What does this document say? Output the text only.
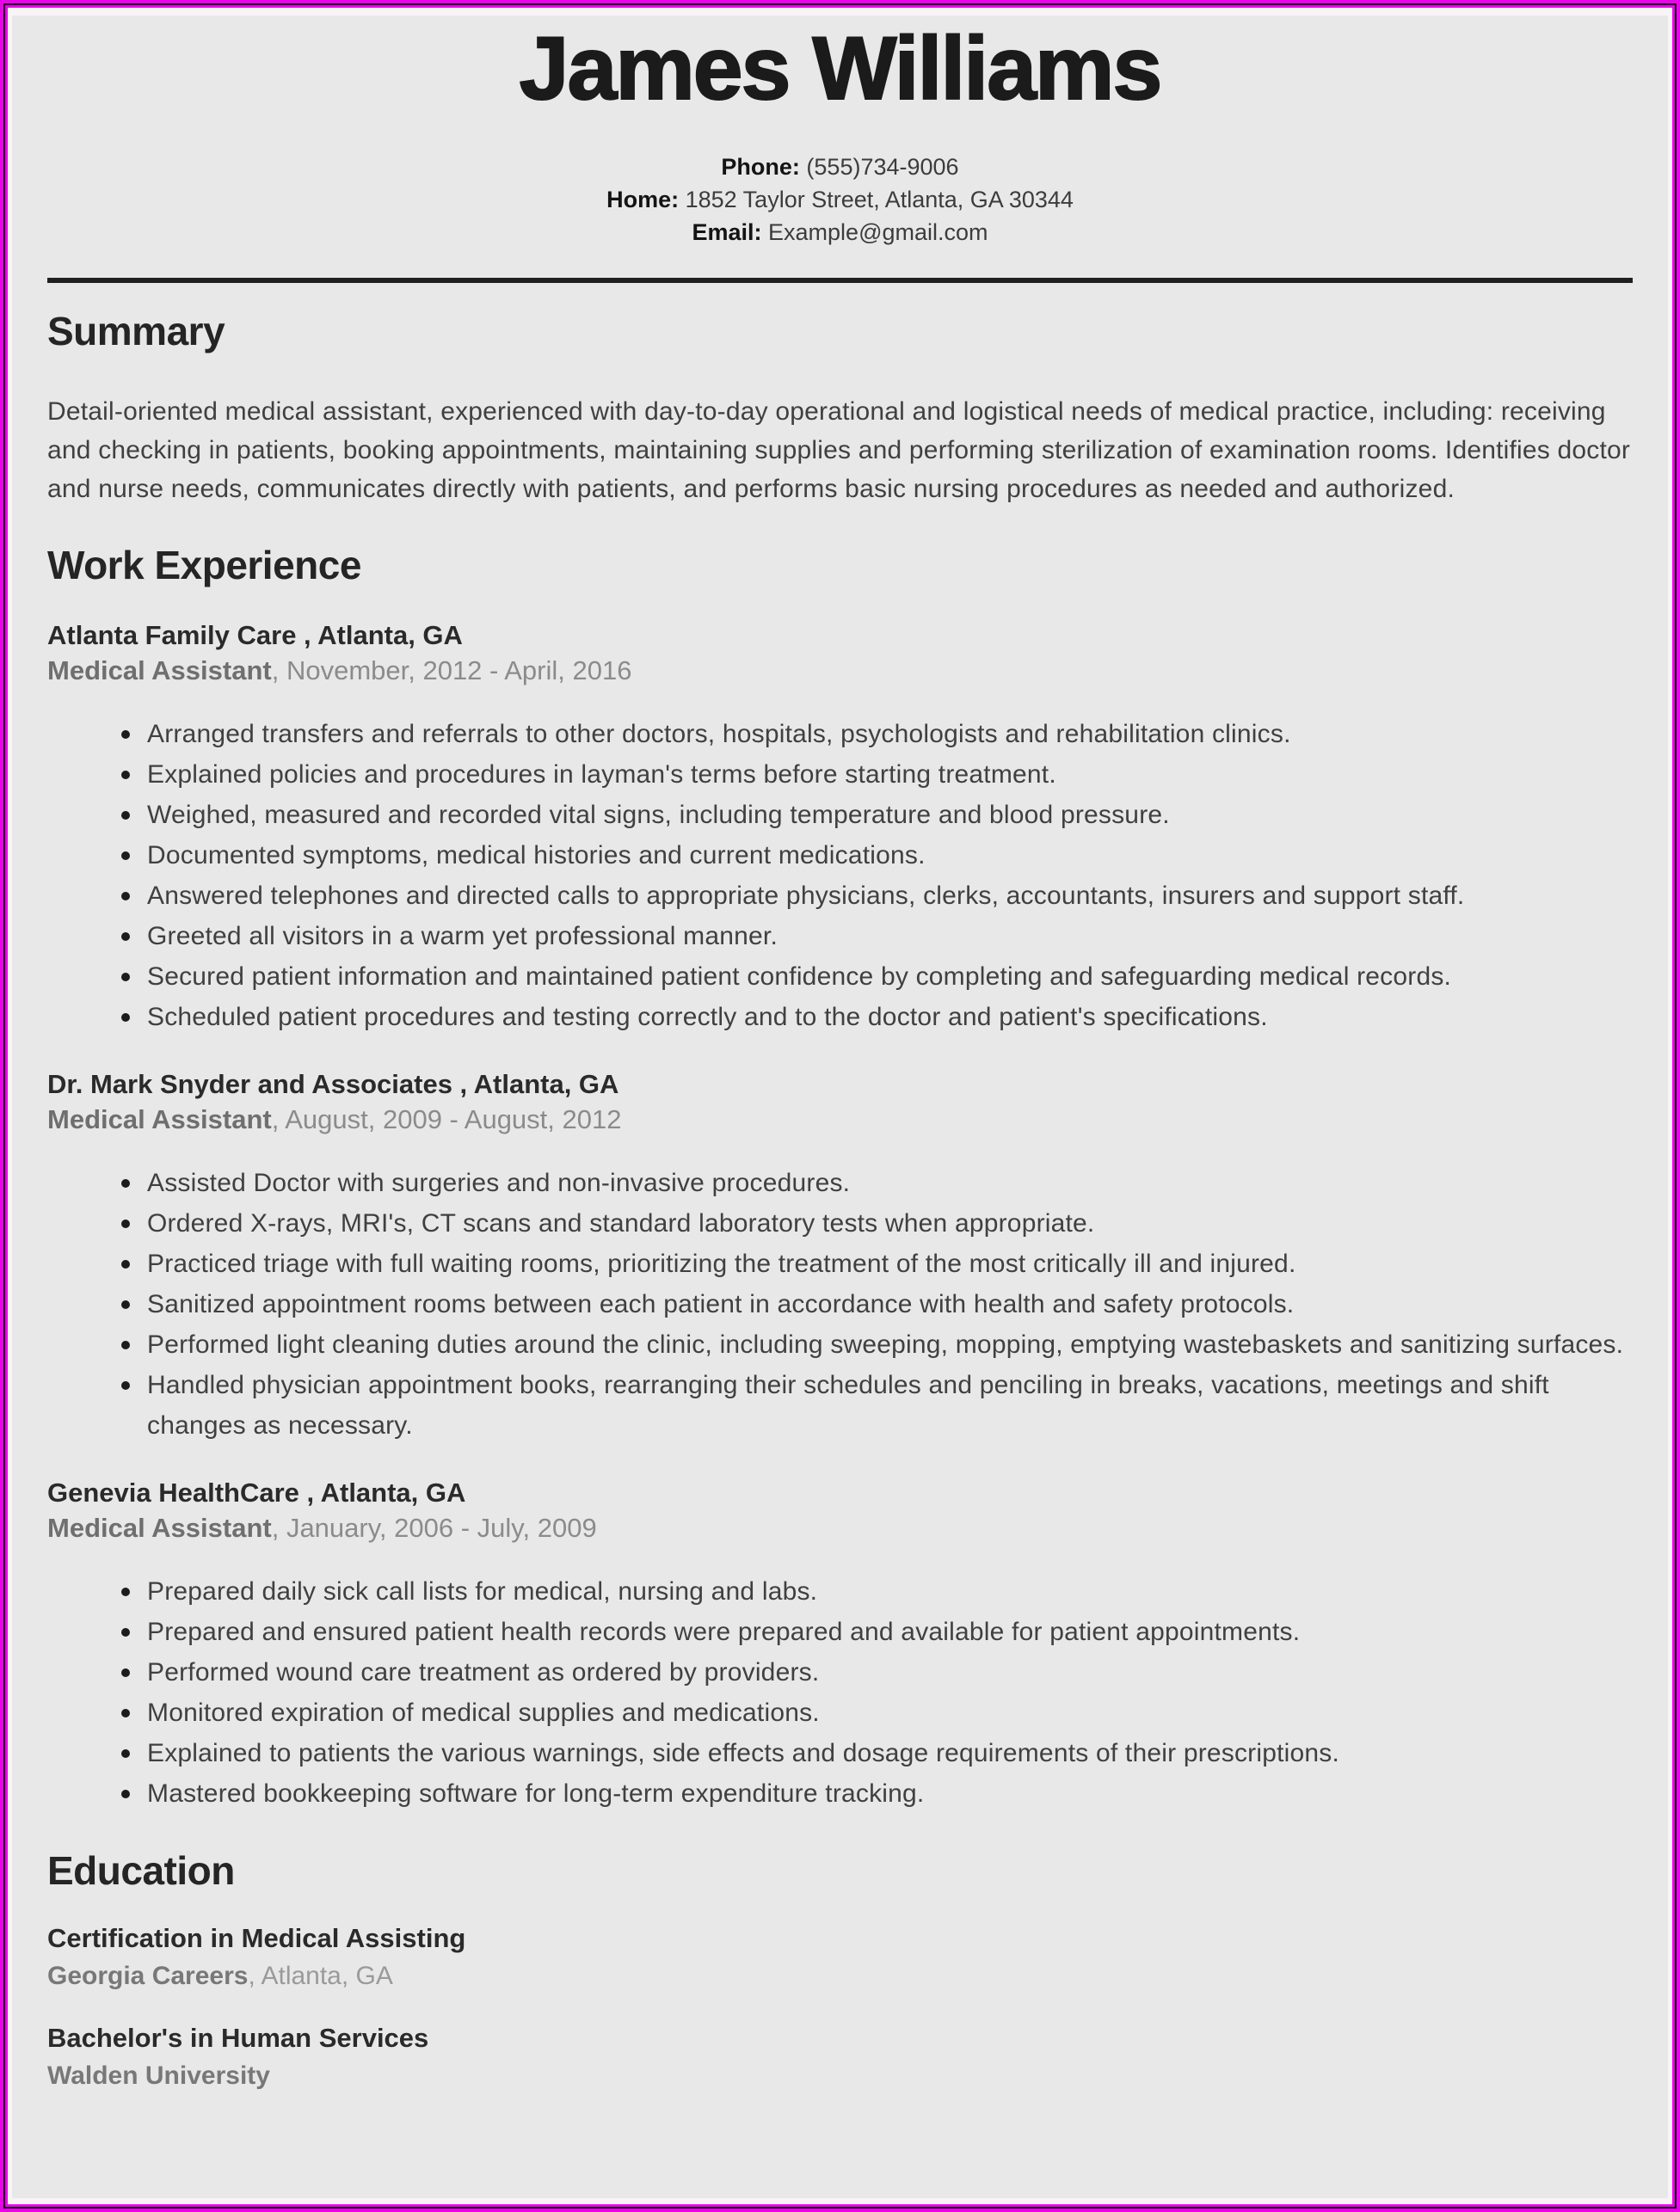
James Williams
Phone: (555)734-9006
Home: 1852 Taylor Street, Atlanta, GA 30344
Email: Example@gmail.com
Summary

Detail-oriented medical assistant, experienced with day-to-day operational and logistical needs of medical practice, including: receiving and checking in patients, booking appointments, maintaining supplies and performing sterilization of examination rooms. Identifies doctor and nurse needs, communicates directly with patients, and performs basic nursing procedures as needed and authorized.

Work Experience
Atlanta Family Care , Atlanta, GA
Medical Assistant, November, 2012 - April, 2016
Arranged transfers and referrals to other doctors, hospitals, psychologists and rehabilitation clinics.
Explained policies and procedures in layman's terms before starting treatment.
Weighed, measured and recorded vital signs, including temperature and blood pressure.
Documented symptoms, medical histories and current medications.
Answered telephones and directed calls to appropriate physicians, clerks, accountants, insurers and support staff.
Greeted all visitors in a warm yet professional manner.
Secured patient information and maintained patient confidence by completing and safeguarding medical records.
Scheduled patient procedures and testing correctly and to the doctor and patient's specifications.
Dr. Mark Snyder and Associates , Atlanta, GA
Medical Assistant, August, 2009 - August, 2012
Assisted Doctor with surgeries and non-invasive procedures.
Ordered X-rays, MRI's, CT scans and standard laboratory tests when appropriate.
Practiced triage with full waiting rooms, prioritizing the treatment of the most critically ill and injured.
Sanitized appointment rooms between each patient in accordance with health and safety protocols.
Performed light cleaning duties around the clinic, including sweeping, mopping, emptying wastebaskets and sanitizing surfaces.
Handled physician appointment books, rearranging their schedules and penciling in breaks, vacations, meetings and shift changes as necessary.
Genevia HealthCare , Atlanta, GA
Medical Assistant, January, 2006 - July, 2009
Prepared daily sick call lists for medical, nursing and labs.
Prepared and ensured patient health records were prepared and available for patient appointments.
Performed wound care treatment as ordered by providers.
Monitored expiration of medical supplies and medications.
Explained to patients the various warnings, side effects and dosage requirements of their prescriptions.
Mastered bookkeeping software for long-term expenditure tracking.
Education
Certification in Medical Assisting
Georgia Careers, Atlanta, GA
Bachelor's in Human Services
Walden University
